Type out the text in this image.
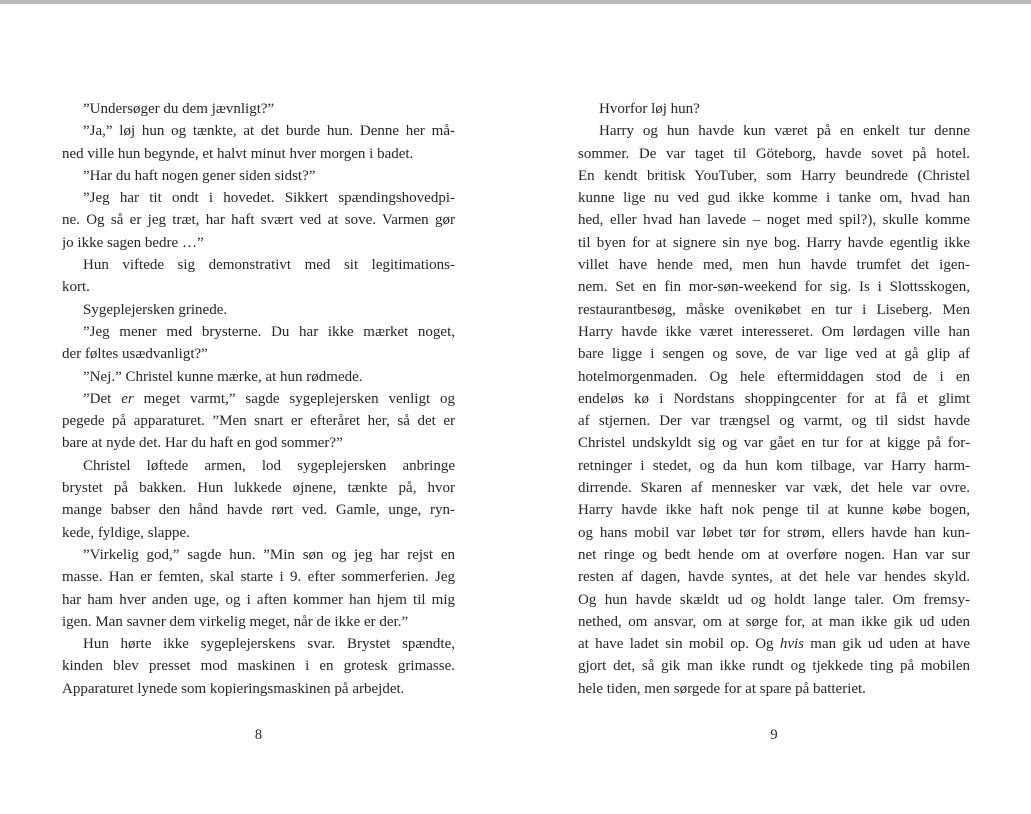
”Undersøger du dem jævnligt?”
”Ja,” løj hun og tænkte, at det burde hun. Denne her må-
ned ville hun begynde, et halvt minut hver morgen i badet.
”Har du haft nogen gener siden sidst?”
”Jeg har tit ondt i hovedet. Sikkert spændingshovedpi-
ne. Og så er jeg træt, har haft svært ved at sove. Varmen gør
jo ikke sagen bedre …”
Hun viftede sig demonstrativt med sit legitimations-
kort.
Sygeplejersken grinede.
”Jeg mener med brysterne. Du har ikke mærket noget,
der føltes usædvanligt?”
”Nej.” Christel kunne mærke, at hun rødmede.
”Det er meget varmt,” sagde sygeplejersken venligt og
pegede på apparaturet. ”Men snart er efteråret her, så det er
bare at nyde det. Har du haft en god sommer?”
Christel løftede armen, lod sygeplejersken anbringe
brystet på bakken. Hun lukkede øjnene, tænkte på, hvor
mange babser den hånd havde rørt ved. Gamle, unge, ryn-
kede, fyldige, slappe.
”Virkelig god,” sagde hun. ”Min søn og jeg har rejst en
masse. Han er femten, skal starte i 9. efter sommerferien. Jeg
har ham hver anden uge, og i aften kommer han hjem til mig
igen. Man savner dem virkelig meget, når de ikke er der.”
Hun hørte ikke sygeplejerskens svar. Brystet spændte,
kinden blev presset mod maskinen i en grotesk grimasse.
Apparaturet lynede som kopieringsmaskinen på arbejdet.
Hvorfor løj hun?
Harry og hun havde kun været på en enkelt tur denne
sommer. De var taget til Göteborg, havde sovet på hotel.
En kendt britisk YouTuber, som Harry beundrede (Christel
kunne lige nu ved gud ikke komme i tanke om, hvad han
hed, eller hvad han lavede – noget med spil?), skulle komme
til byen for at signere sin nye bog. Harry havde egentlig ikke
villet have hende med, men hun havde trumfet det igen-
nem. Set en fin mor-søn-weekend for sig. Is i Slottsskogen,
restaurantbesøg, måske ovenikøbet en tur i Liseberg. Men
Harry havde ikke været interesseret. Om lørdagen ville han
bare ligge i sengen og sove, de var lige ved at gå glip af
hotelmorgenmaden. Og hele eftermiddagen stod de i en
endeløs kø i Nordstans shoppingcenter for at få et glimt
af stjernen. Der var trængsel og varmt, og til sidst havde
Christel undskyldt sig og var gået en tur for at kigge på for-
retninger i stedet, og da hun kom tilbage, var Harry harm-
dirrende. Skaren af mennesker var væk, det hele var ovre.
Harry havde ikke haft nok penge til at kunne købe bogen,
og hans mobil var løbet tør for strøm, ellers havde han kun-
net ringe og bedt hende om at overføre nogen. Han var sur
resten af dagen, havde syntes, at det hele var hendes skyld.
Og hun havde skældt ud og holdt lange taler. Om fremsy-
nethed, om ansvar, om at sørge for, at man ikke gik ud uden
at have ladet sin mobil op. Og hvis man gik ud uden at have
gjort det, så gik man ikke rundt og tjekkede ting på mobilen
hele tiden, men sørgede for at spare på batteriet.
8	9
